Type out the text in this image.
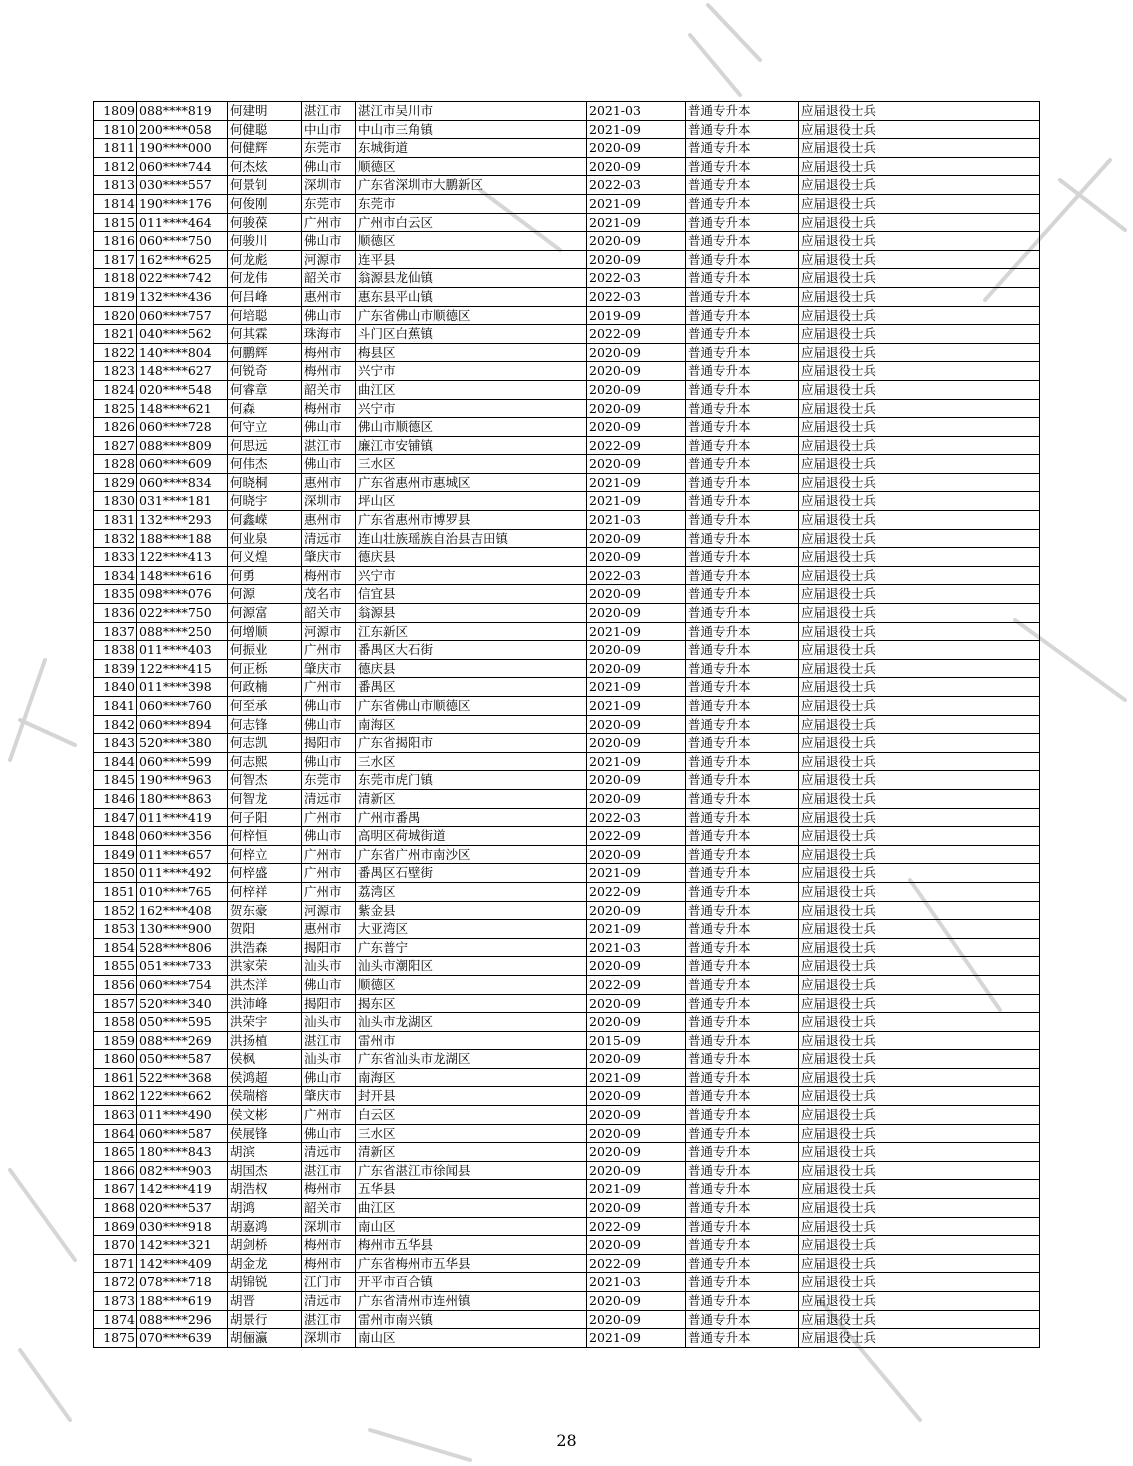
1809	088****819	何建明	湛江市	湛江市吴川市	2021-03	普通专升本	应届退役士兵
1810	200****058	何健聪	中山市	中山市三角镇	2021-09	普通专升本	应届退役士兵
1811	190****000	何健辉	东莞市	东城街道	2020-09	普通专升本	应届退役士兵
1812	060****744	何杰炫	佛山市	顺德区	2020-09	普通专升本	应届退役士兵
1813	030****557	何景钊	深圳市	广东省深圳市大鹏新区	2022-03	普通专升本	应届退役士兵
1814	190****176	何俊刚	东莞市	东莞市	2021-09	普通专升本	应届退役士兵
1815	011****464	何骏葆	广州市	广州市白云区	2021-09	普通专升本	应届退役士兵
1816	060****750	何骏川	佛山市	顺德区	2020-09	普通专升本	应届退役士兵
1817	162****625	何龙彪	河源市	连平县	2020-09	普通专升本	应届退役士兵
1818	022****742	何龙伟	韶关市	翁源县龙仙镇	2022-03	普通专升本	应届退役士兵
1819	132****436	何吕峰	惠州市	惠东县平山镇	2022-03	普通专升本	应届退役士兵
1820	060****757	何培聪	佛山市	广东省佛山市顺德区	2019-09	普通专升本	应届退役士兵
1821	040****562	何其霖	珠海市	斗门区白蕉镇	2022-09	普通专升本	应届退役士兵
1822	140****804	何鹏辉	梅州市	梅县区	2020-09	普通专升本	应届退役士兵
1823	148****627	何锐奇	梅州市	兴宁市	2020-09	普通专升本	应届退役士兵
1824	020****548	何睿章	韶关市	曲江区	2020-09	普通专升本	应届退役士兵
1825	148****621	何森	梅州市	兴宁市	2020-09	普通专升本	应届退役士兵
1826	060****728	何守立	佛山市	佛山市顺德区	2020-09	普通专升本	应届退役士兵
1827	088****809	何思远	湛江市	廉江市安铺镇	2022-09	普通专升本	应届退役士兵
1828	060****609	何伟杰	佛山市	三水区	2020-09	普通专升本	应届退役士兵
1829	060****834	何晓桐	惠州市	广东省惠州市惠城区	2021-09	普通专升本	应届退役士兵
1830	031****181	何晓宇	深圳市	坪山区	2021-09	普通专升本	应届退役士兵
1831	132****293	何鑫嵘	惠州市	广东省惠州市博罗县	2021-03	普通专升本	应届退役士兵
1832	188****188	何业泉	清远市	连山壮族瑶族自治县吉田镇	2020-09	普通专升本	应届退役士兵
1833	122****413	何义煌	肇庆市	德庆县	2020-09	普通专升本	应届退役士兵
1834	148****616	何勇	梅州市	兴宁市	2022-03	普通专升本	应届退役士兵
1835	098****076	何源	茂名市	信宜县	2020-09	普通专升本	应届退役士兵
1836	022****750	何源富	韶关市	翁源县	2020-09	普通专升本	应届退役士兵
1837	088****250	何增顺	河源市	江东新区	2021-09	普通专升本	应届退役士兵
1838	011****403	何振业	广州市	番禺区大石街	2020-09	普通专升本	应届退役士兵
1839	122****415	何正栎	肇庆市	德庆县	2020-09	普通专升本	应届退役士兵
1840	011****398	何政楠	广州市	番禺区	2021-09	普通专升本	应届退役士兵
1841	060****760	何至承	佛山市	广东省佛山市顺德区	2021-09	普通专升本	应届退役士兵
1842	060****894	何志锋	佛山市	南海区	2020-09	普通专升本	应届退役士兵
1843	520****380	何志凯	揭阳市	广东省揭阳市	2020-09	普通专升本	应届退役士兵
1844	060****599	何志熙	佛山市	三水区	2021-09	普通专升本	应届退役士兵
1845	190****963	何智杰	东莞市	东莞市虎门镇	2020-09	普通专升本	应届退役士兵
1846	180****863	何智龙	清远市	清新区	2020-09	普通专升本	应届退役士兵
1847	011****419	何子阳	广州市	广州市番禺	2022-03	普通专升本	应届退役士兵
1848	060****356	何梓恒	佛山市	高明区荷城街道	2022-09	普通专升本	应届退役士兵
1849	011****657	何梓立	广州市	广东省广州市南沙区	2020-09	普通专升本	应届退役士兵
1850	011****492	何梓盛	广州市	番禺区石壁街	2021-09	普通专升本	应届退役士兵
1851	010****765	何梓祥	广州市	荔湾区	2022-09	普通专升本	应届退役士兵
1852	162****408	贺东豪	河源市	紫金县	2020-09	普通专升本	应届退役士兵
1853	130****900	贺阳	惠州市	大亚湾区	2021-09	普通专升本	应届退役士兵
1854	528****806	洪浩森	揭阳市	广东普宁	2021-03	普通专升本	应届退役士兵
1855	051****733	洪家荣	汕头市	汕头市潮阳区	2020-09	普通专升本	应届退役士兵
1856	060****754	洪杰洋	佛山市	顺德区	2022-09	普通专升本	应届退役士兵
1857	520****340	洪沛峰	揭阳市	揭东区	2020-09	普通专升本	应届退役士兵
1858	050****595	洪荣宇	汕头市	汕头市龙湖区	2020-09	普通专升本	应届退役士兵
1859	088****269	洪扬植	湛江市	雷州市	2015-09	普通专升本	应届退役士兵
1860	050****587	侯枫	汕头市	广东省汕头市龙湖区	2020-09	普通专升本	应届退役士兵
1861	522****368	侯鸿超	佛山市	南海区	2021-09	普通专升本	应届退役士兵
1862	122****662	侯瑞榕	肇庆市	封开县	2020-09	普通专升本	应届退役士兵
1863	011****490	侯文彬	广州市	白云区	2020-09	普通专升本	应届退役士兵
1864	060****587	侯展锋	佛山市	三水区	2020-09	普通专升本	应届退役士兵
1865	180****843	胡滨	清远市	清新区	2020-09	普通专升本	应届退役士兵
1866	082****903	胡国杰	湛江市	广东省湛江市徐闻县	2020-09	普通专升本	应届退役士兵
1867	142****419	胡浩权	梅州市	五华县	2021-09	普通专升本	应届退役士兵
1868	020****537	胡鸿	韶关市	曲江区	2020-09	普通专升本	应届退役士兵
1869	030****918	胡嘉鸿	深圳市	南山区	2022-09	普通专升本	应届退役士兵
1870	142****321	胡剑桥	梅州市	梅州市五华县	2020-09	普通专升本	应届退役士兵
1871	142****409	胡金龙	梅州市	广东省梅州市五华县	2022-09	普通专升本	应届退役士兵
1872	078****718	胡锦锐	江门市	开平市百合镇	2021-03	普通专升本	应届退役士兵
1873	188****619	胡晋	清远市	广东省清州市连州镇	2020-09	普通专升本	应届退役士兵
1874	088****296	胡景行	湛江市	雷州市南兴镇	2020-09	普通专升本	应届退役士兵
1875	070****639	胡俪瀛	深圳市	南山区	2021-09	普通专升本	应届退役士兵
28
